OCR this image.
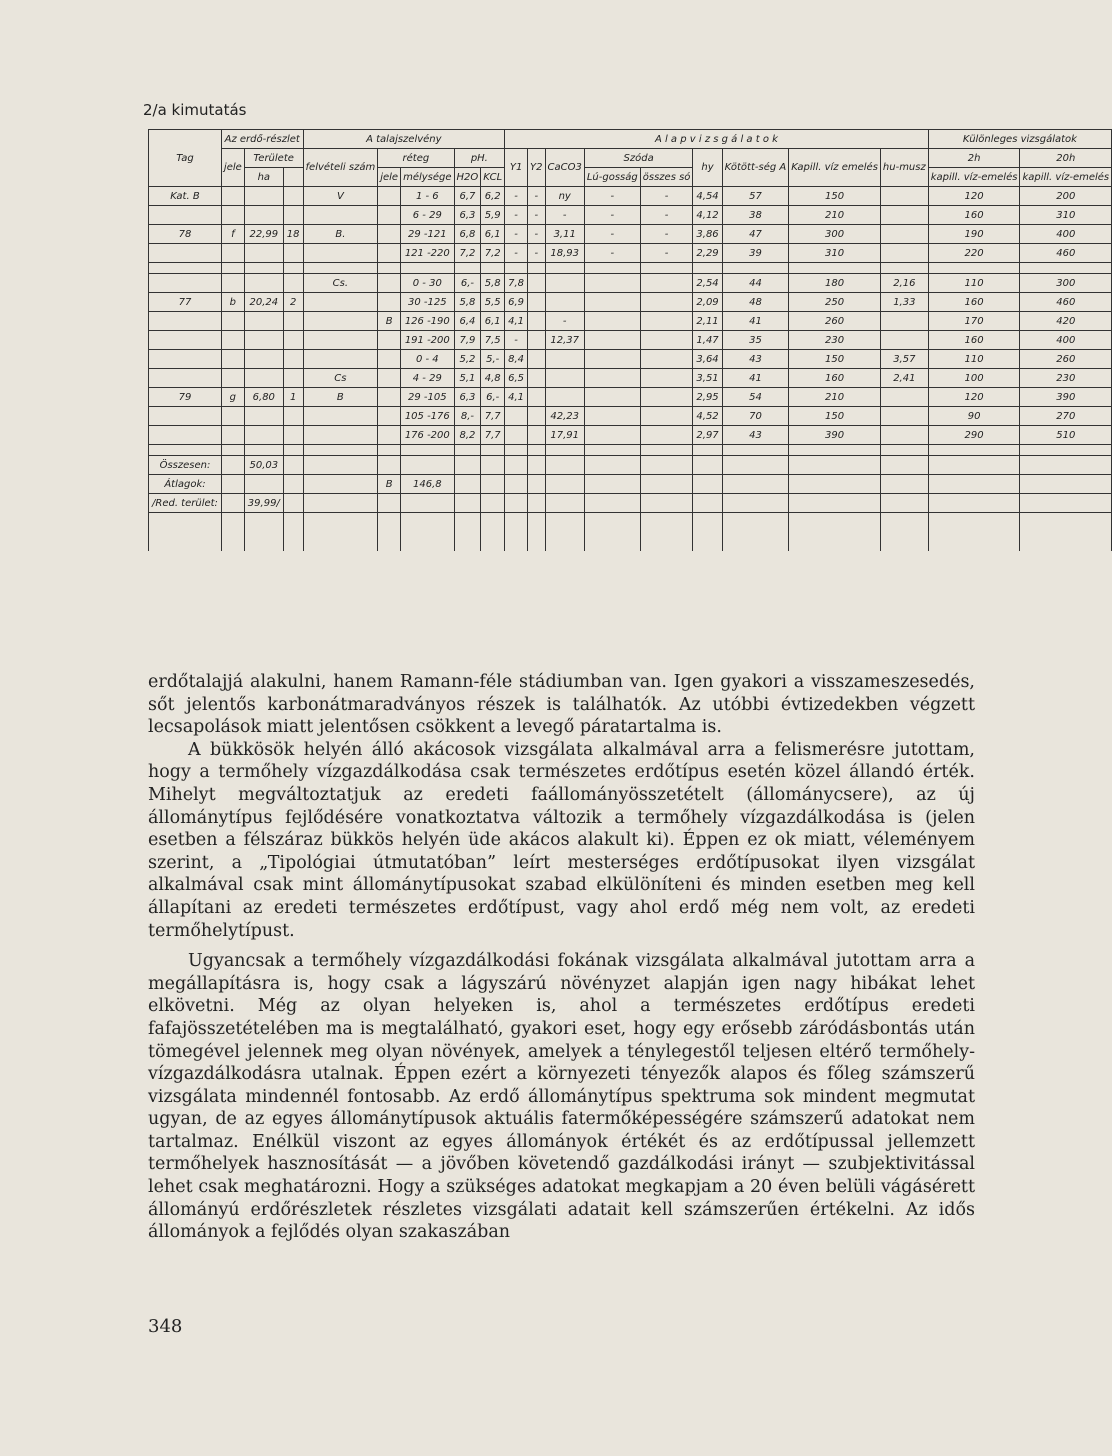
2/a kimutatás
Tag	Az erdő-részlet			A talajszelvény					A l a p v i z s g á l a t o k									Különleges vizsgálatok	
	jele	Területe		felvételi szám	réteg		pH.		Y1	Y2	CaCO3	Szóda		hy	Kötött-ség A	Kapill. víz emelés	hu-musz	2h	20h
		ha			jele	mélysége	H2O	KCL				Lú-gosság	összes só					kapill. víz-emelés	kapill. víz-emelés
Kat. B				V		1 - 6	6,7	6,2	-	-	ny	-	-	4,54	57	150		120	200
						6 - 29	6,3	5,9	-	-	-	-	-	4,12	38	210		160	310
78	f	22,99	18	B.		29 -121	6,8	6,1	-	-	3,11	-	-	3,86	47	300		190	400
						121 -220	7,2	7,2	-	-	18,93	-	-	2,29	39	310		220	460

				Cs.		0 - 30	6,-	5,8	7,8					2,54	44	180	2,16	110	300
77	b	20,24	2			30 -125	5,8	5,5	6,9					2,09	48	250	1,33	160	460
					B	126 -190	6,4	6,1	4,1		-			2,11	41	260		170	420
						191 -200	7,9	7,5	-		12,37			1,47	35	230		160	400
						0 - 4	5,2	5,-	8,4					3,64	43	150	3,57	110	260
				Cs		4 - 29	5,1	4,8	6,5					3,51	41	160	2,41	100	230
79	g	6,80	1	B		29 -105	6,3	6,-	4,1					2,95	54	210		120	390
						105 -176	8,-	7,7			42,23			4,52	70	150		90	270
						176 -200	8,2	7,7			17,91			2,97	43	390		290	510

Összesen:		50,03																	
Átlagok:					B	146,8													
/Red. terület:		39,99/																	

erdőtalajjá alakulni, hanem Ramann-féle stádiumban van. Igen gyakori a visszameszesedés, sőt jelentős karbonátmaradványos részek is találhatók. Az utóbbi évtizedekben végzett lecsapolások miatt jelentősen csökkent a levegő páratartalma is.

A bükkösök helyén álló akácosok vizsgálata alkalmával arra a felismerésre jutottam, hogy a termőhely vízgazdálkodása csak természetes erdőtípus esetén közel állandó érték. Mihelyt megváltoztatjuk az eredeti faállományösszetételt (állománycsere), az új állománytípus fejlődésére vonatkoztatva változik a termőhely vízgazdálkodása is (jelen esetben a félszáraz bükkös helyén üde akácos alakult ki). Éppen ez ok miatt, véleményem szerint, a „Tipológiai útmutatóban” leírt mesterséges erdőtípusokat ilyen vizsgálat alkalmával csak mint állománytípusokat szabad elkülöníteni és minden esetben meg kell állapítani az eredeti természetes erdőtípust, vagy ahol erdő még nem volt, az eredeti termőhelytípust.

Ugyancsak a termőhely vízgazdálkodási fokának vizsgálata alkalmával jutottam arra a megállapításra is, hogy csak a lágyszárú növényzet alapján igen nagy hibákat lehet elkövetni. Még az olyan helyeken is, ahol a természetes erdőtípus eredeti fafajösszetételében ma is megtalálható, gyakori eset, hogy egy erősebb záródásbontás után tömegével jelennek meg olyan növények, amelyek a ténylegestől teljesen eltérő termőhely-vízgazdálkodásra utalnak. Éppen ezért a környezeti tényezők alapos és főleg számszerű vizsgálata mindennél fontosabb. Az erdő állománytípus spektruma sok mindent megmutat ugyan, de az egyes állománytípusok aktuális fatermőképességére számszerű adatokat nem tartalmaz. Enélkül viszont az egyes állományok értékét és az erdőtípussal jellemzett termőhelyek hasznosítását — a jövőben követendő gazdálkodási irányt — szubjektivitással lehet csak meghatározni. Hogy a szükséges adatokat megkapjam a 20 éven belüli vágásérett állományú erdőrészletek részletes vizsgálati adatait kell számszerűen értékelni. Az idős állományok a fejlődés olyan szakaszában

348
